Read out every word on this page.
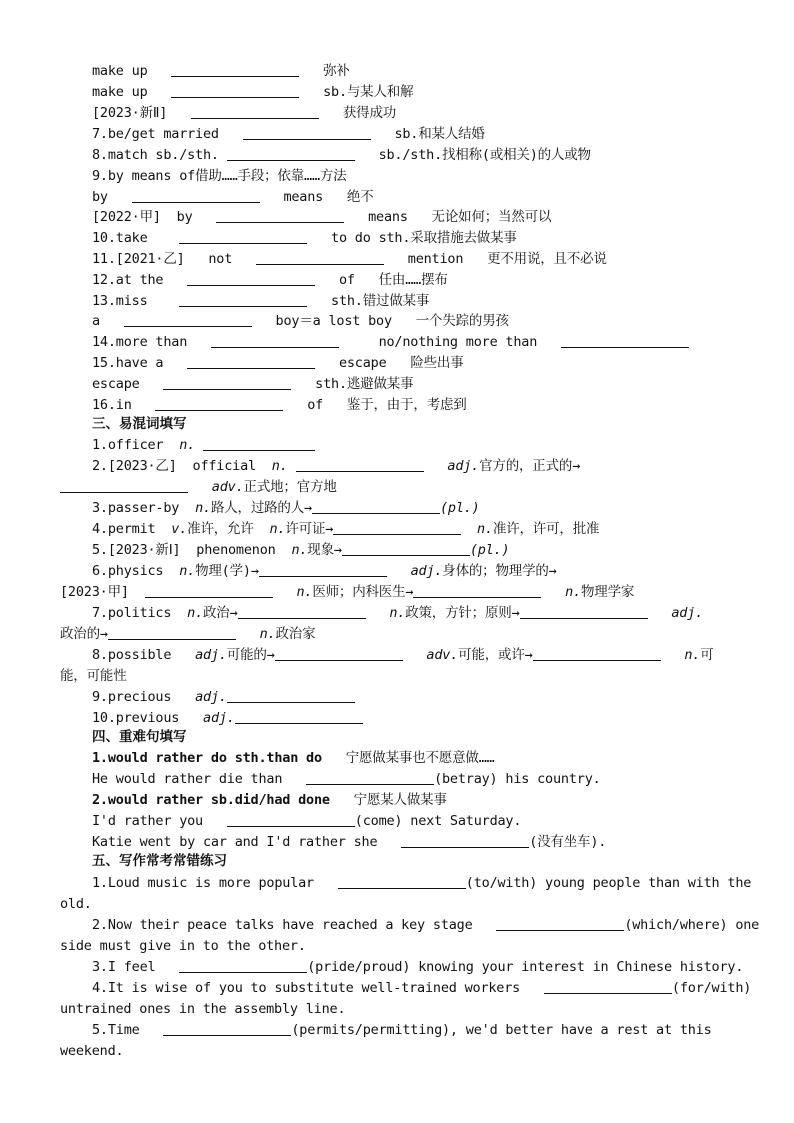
make up	弥补
make up	sb.与某人和解
[2023·新Ⅱ]	获得成功
7.be/get married	sb.和某人结婚
8.match sb./sth.	sb./sth.找相称(或相关)的人或物
9.by means of借助……手段；依靠……方法
by	means 绝不
[2022·甲] by	means 无论如何；当然可以
10.take	to do sth.采取措施去做某事
11.[2021·乙] not	mention 更不用说，且不必说
12.at the	of 任由……摆布
13.miss	sth.错过做某事
a	boy＝a lost boy 一个失踪的男孩
14.more than	no/nothing more than
15.have a	escape 险些出事
escape	sth.逃避做某事
16.in	of 鉴于，由于，考虑到
三、易混词填写
1.officer n.
2.[2023·乙] official n.	adj.官方的，正式的→
adv.正式地；官方地
3.passer-by n.路人，过路的人→	(pl.)
4.permit v.准许，允许 n.许可证→	n.准许，许可，批准
5.[2023·新Ⅰ] phenomenon n.现象→	(pl.)
6.physics n.物理(学)→	adj.身体的；物理学的→
[2023·甲]	n.医师；内科医生→	n.物理学家
7.politics n.政治→	n.政策，方针；原则→	adj.
政治的→	n.政治家
8.possible adj.可能的→	adv.可能，或许→	n.可
能，可能性
9.precious adj.
10.previous adj.
四、重难句填写
1.would rather do sth.than do 宁愿做某事也不愿意做……
He would rather die than	(betray) his country.
2.would rather sb.did/had done 宁愿某人做某事
I'd rather you	(come) next Saturday.
Katie went by car and I'd rather she	(没有坐车).
五、写作常考常错练习
1.Loud music is more popular	(to/with) young people than with the
old.
2.Now their peace talks have reached a key stage	(which/where) one
side must give in to the other.
3.I feel	(pride/proud) knowing your interest in Chinese history.
4.It is wise of you to substitute well-trained workers	(for/with)
untrained ones in the assembly line.
5.Time	(permits/permitting), we'd better have a rest at this
weekend.
